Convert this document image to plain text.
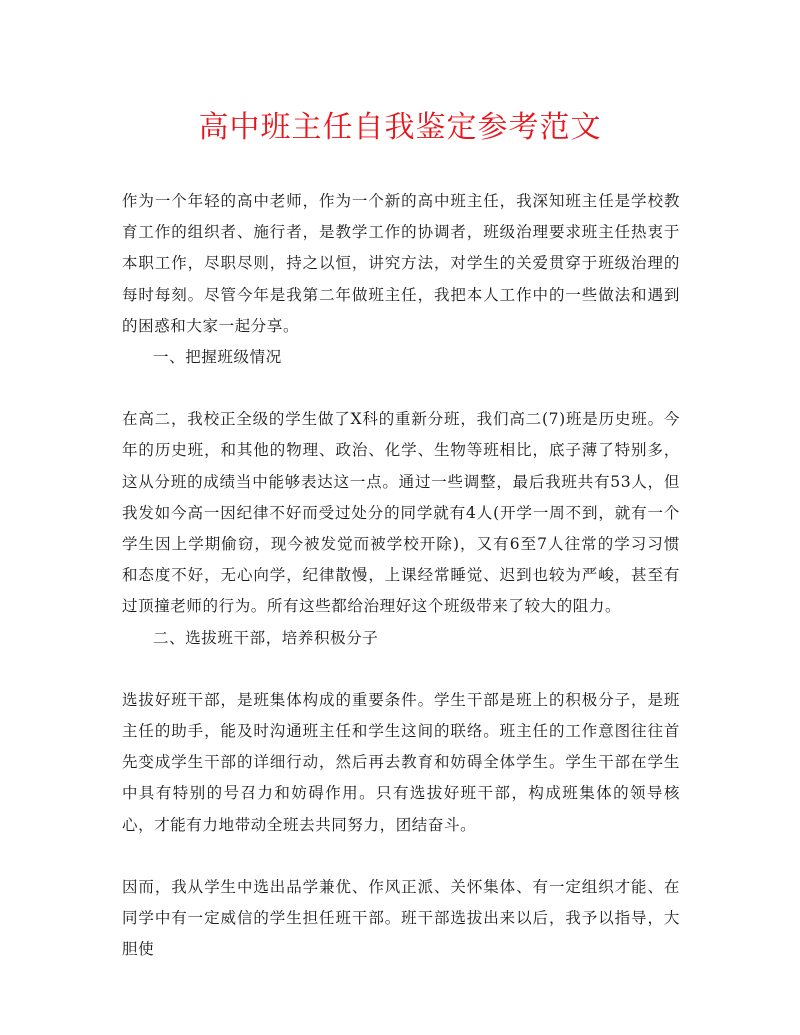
高中班主任自我鉴定参考范文

作为一个年轻的高中老师，作为一个新的高中班主任，我深知班主任是学校教育工作的组织者、施行者，是教学工作的协调者，班级治理要求班主任热衷于本职工作，尽职尽则，持之以恒，讲究方法，对学生的关爱贯穿于班级治理的每时每刻。尽管今年是我第二年做班主任，我把本人工作中的一些做法和遇到的困惑和大家一起分享。

一、把握班级情况

在高二，我校正全级的学生做了X科的重新分班，我们高二(7)班是历史班。今年的历史班，和其他的物理、政治、化学、生物等班相比，底子薄了特别多，这从分班的成绩当中能够表达这一点。通过一些调整，最后我班共有53人，但我发如今高一因纪律不好而受过处分的同学就有4人(开学一周不到，就有一个学生因上学期偷窃，现今被发觉而被学校开除)，又有6至7人往常的学习习惯和态度不好，无心向学，纪律散慢，上课经常睡觉、迟到也较为严峻，甚至有过顶撞老师的行为。所有这些都给治理好这个班级带来了较大的阻力。

二、选拔班干部，培养积极分子

选拔好班干部，是班集体构成的重要条件。学生干部是班上的积极分子，是班主任的助手，能及时沟通班主任和学生这间的联络。班主任的工作意图往往首先变成学生干部的详细行动，然后再去教育和妨碍全体学生。学生干部在学生中具有特别的号召力和妨碍作用。只有选拔好班干部，构成班集体的领导核心，才能有力地带动全班去共同努力，团结奋斗。

因而，我从学生中选出品学兼优、作风正派、关怀集体、有一定组织才能、在同学中有一定威信的学生担任班干部。班干部选拔出来以后，我予以指导，大胆使
